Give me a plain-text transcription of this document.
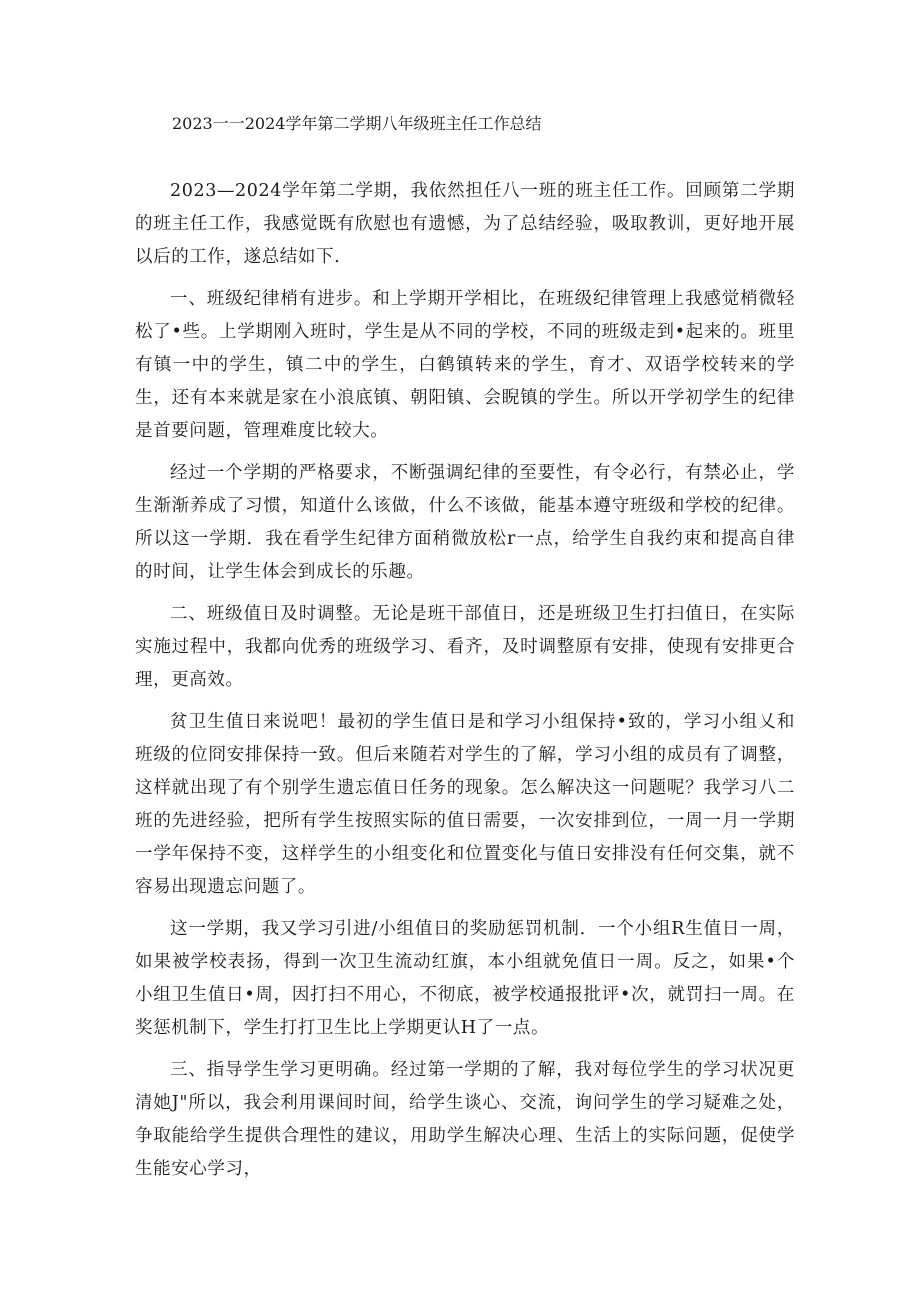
2023一一2024学年第二学期八年级班主任工作总结

2023—2024学年第二学期，我依然担任八一班的班主任工作。回顾第二学期的班主任工作，我感觉既有欣慰也有遗憾，为了总结经验，吸取教训，更好地开展以后的工作，遂总结如下.

一、班级纪律梢有进步。和上学期开学相比，在班级纪律管理上我感觉梢微轻松了•些。上学期刚入班时，学生是从不同的学校，不同的班级走到•起来的。班里有镇一中的学生，镇二中的学生，白鹤镇转来的学生，育才、双语学校转来的学生，还有本来就是家在小浪底镇、朝阳镇、会睨镇的学生。所以开学初学生的纪律是首要问题，管理难度比较大。

经过一个学期的严格要求，不断强调纪律的至要性，有令必行，有禁必止，学生渐渐养成了习惯，知道什么该做，什么不该做，能基本遵守班级和学校的纪律。所以这一学期．我在看学生纪律方面稍微放松r一点，给学生自我约束和提高自律的时间，让学生体会到成长的乐趣。

二、班级值日及时调整。无论是班干部值日，还是班级卫生打扫值日，在实际实施过程中，我都向优秀的班级学习、看齐，及时调整原有安排，使现有安排更合理，更高效。

贫卫生值日来说吧！最初的学生值日是和学习小组保持•致的，学习小组乂和班级的位冏安排保持一致。但后来随若对学生的了解，学习小组的成员有了调整，这样就出现了有个别学生遗忘值日任务的现象。怎么解决这一问题呢？我学习八二班的先进经验，把所有学生按照实际的值日需要，一次安排到位，一周一月一学期一学年保持不变，这样学生的小组变化和位置变化与值日安排没有任何交集，就不容易出现遗忘问题了。

这一学期，我又学习引进/小组值日的奖励惩罚机制．一个小组R生值日一周，如果被学校表扬，得到一次卫生流动红旗，本小组就免值日一周。反之，如果•个小组卫生值日•周，因打扫不用心，不彻底，被学校通报批评•次，就罚扫一周。在奖惩机制下，学生打打卫生比上学期更认H了一点。

三、指导学生学习更明确。经过第一学期的了解，我对每位学生的学习状况更清她J"所以，我会利用课间时间，给学生谈心、交流，询问学生的学习疑难之处，争取能给学生提供合理性的建议，用助学生解决心理、生活上的实际问题，促使学生能安心学习，
